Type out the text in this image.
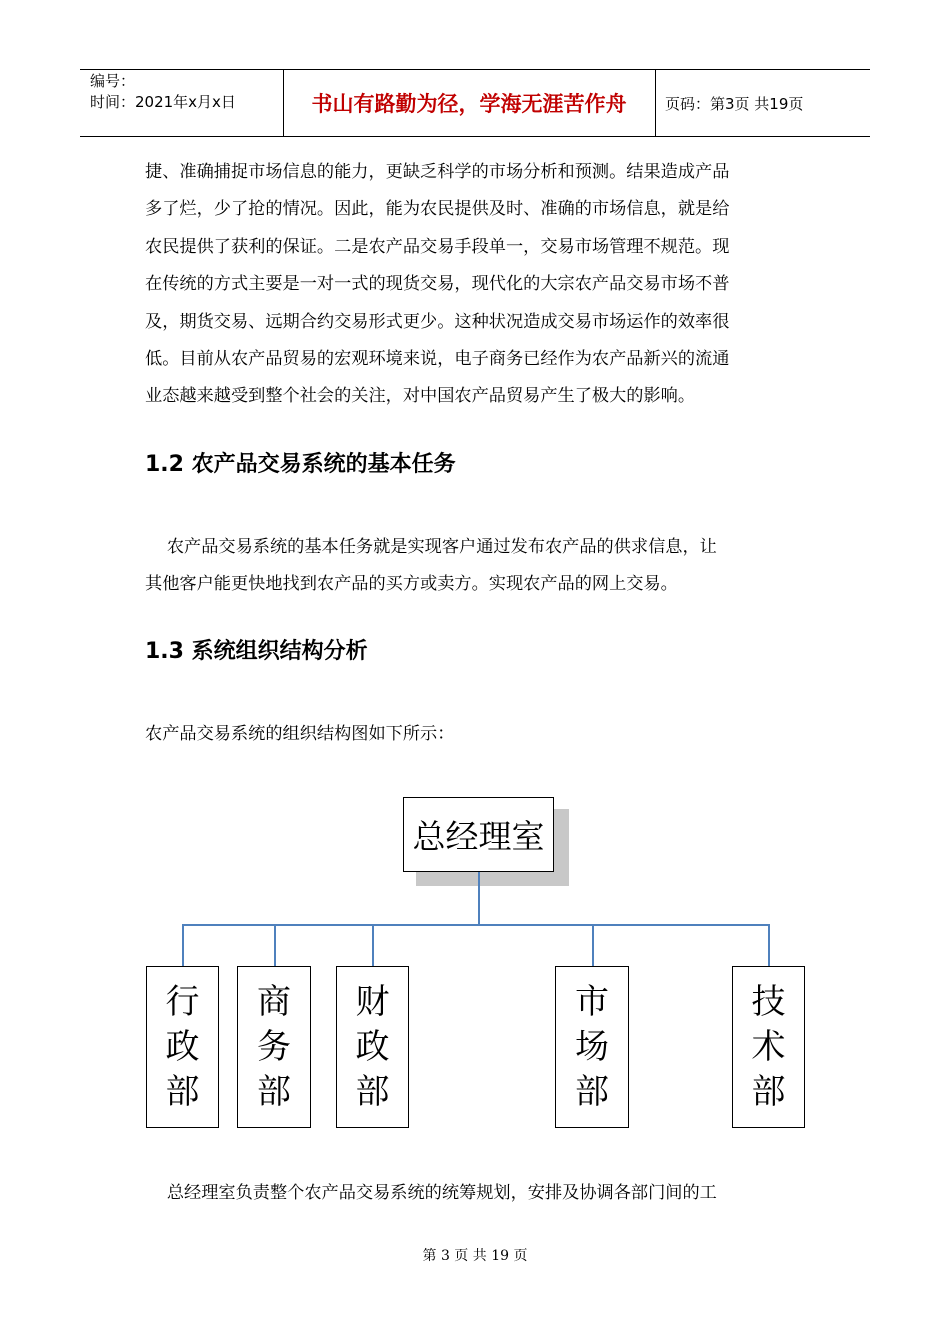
编号：
时间：2021年x月x日	书山有路勤为径，学海无涯苦作舟	页码：第3页 共19页
捷、准确捕捉市场信息的能力，更缺乏科学的市场分析和预测。结果造成产品
多了烂，少了抢的情况。因此，能为农民提供及时、准确的市场信息，就是给
农民提供了获利的保证。二是农产品交易手段单一，交易市场管理不规范。现
在传统的方式主要是一对一式的现货交易，现代化的大宗农产品交易市场不普
及，期货交易、远期合约交易形式更少。这种状况造成交易市场运作的效率很
低。目前从农产品贸易的宏观环境来说，电子商务已经作为农产品新兴的流通
业态越来越受到整个社会的关注，对中国农产品贸易产生了极大的影响。
1.2 农产品交易系统的基本任务
农产品交易系统的基本任务就是实现客户通过发布农产品的供求信息，让
其他客户能更快地找到农产品的买方或卖方。实现农产品的网上交易。
1.3 系统组织结构分析
农产品交易系统的组织结构图如下所示：
总经理室
行
政
部
商
务
部
财
政
部
市
场
部
技
术
部
总经理室负责整个农产品交易系统的统筹规划，安排及协调各部门间的工
第 3 页 共 19 页
